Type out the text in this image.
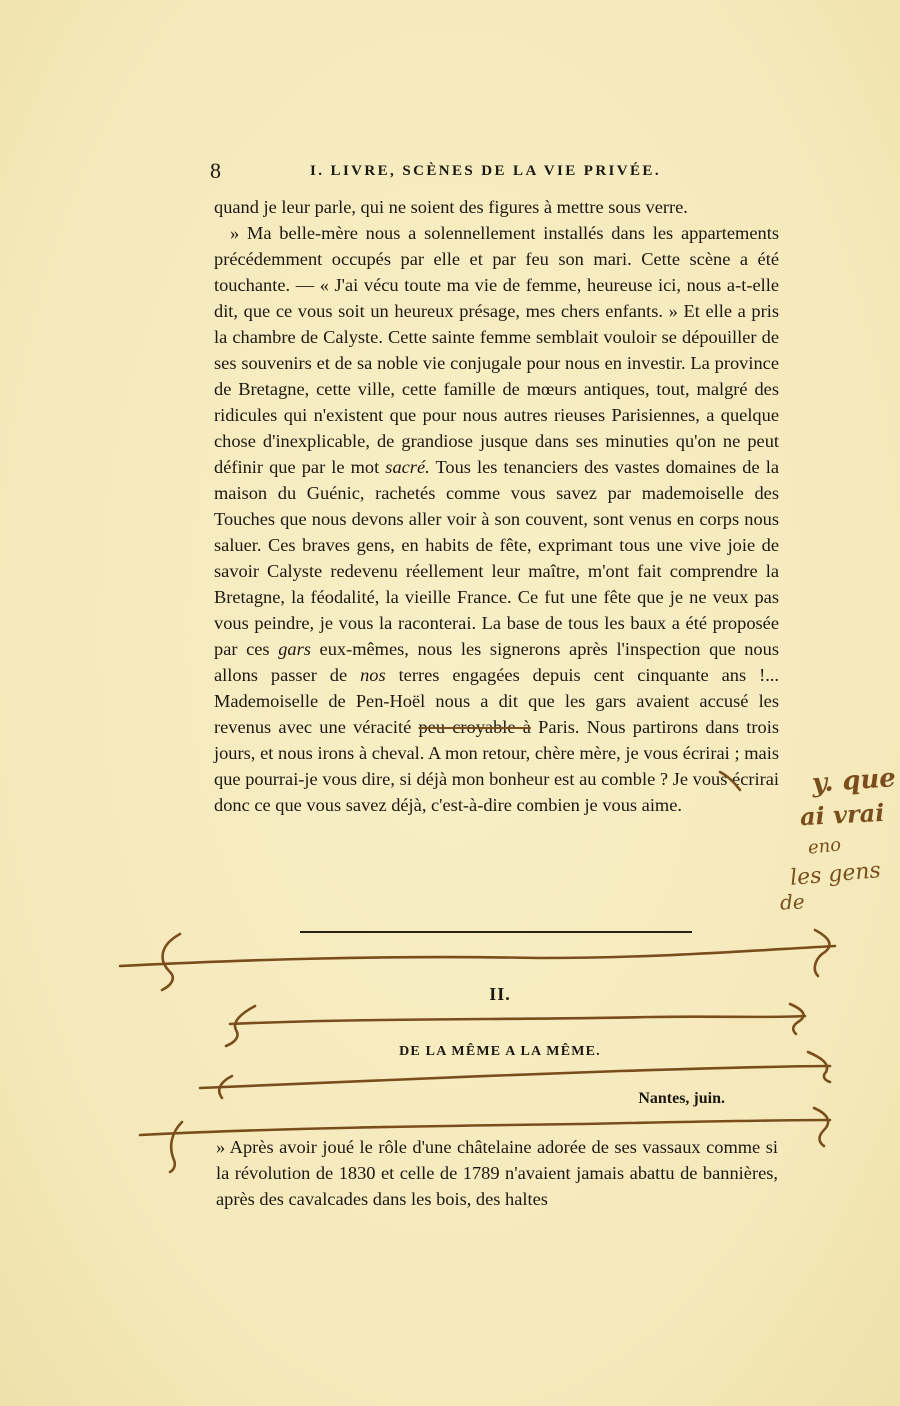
8	I. LIVRE, SCÈNES DE LA VIE PRIVÉE.

quand je leur parle, qui ne soient des figures à mettre sous verre.

» Ma belle-mère nous a solennellement installés dans les appartements précédemment occupés par elle et par feu son mari. Cette scène a été touchante. — « J'ai vécu toute ma vie de femme, heureuse ici, nous a-t-elle dit, que ce vous soit un heureux présage, mes chers enfants. » Et elle a pris la chambre de Calyste. Cette sainte femme semblait vouloir se dépouiller de ses souvenirs et de sa noble vie conjugale pour nous en investir. La province de Bretagne, cette ville, cette famille de mœurs antiques, tout, malgré des ridicules qui n'existent que pour nous autres rieuses Parisiennes, a quelque chose d'inexplicable, de grandiose jusque dans ses minuties qu'on ne peut définir que par le mot sacré. Tous les tenanciers des vastes domaines de la maison du Guénic, rachetés comme vous savez par mademoiselle des Touches que nous devons aller voir à son couvent, sont venus en corps nous saluer. Ces braves gens, en habits de fête, exprimant tous une vive joie de savoir Calyste redevenu réellement leur maître, m'ont fait comprendre la Bretagne, la féodalité, la vieille France. Ce fut une fête que je ne veux pas vous peindre, je vous la raconterai. La base de tous les baux a été proposée par ces gars eux-mêmes, nous les signerons après l'inspection que nous allons passer de nos terres engagées depuis cent cinquante ans !... Mademoiselle de Pen-Hoël nous a dit que les gars avaient accusé les revenus avec une véracité peu croyable à Paris. Nous partirons dans trois jours, et nous irons à cheval. A mon retour, chère mère, je vous écrirai ; mais que pourrai-je vous dire, si déjà mon bonheur est au comble ? Je vous écrirai donc ce que vous savez déjà, c'est-à-dire combien je vous aime.

II.
DE LA MÊME A LA MÊME.
Nantes, juin.

» Après avoir joué le rôle d'une châtelaine adorée de ses vassaux comme si la révolution de 1830 et celle de 1789 n'avaient jamais abattu de bannières, après des cavalcades dans les bois, des haltes

y. que
ai vrai
eno
les gens
de
